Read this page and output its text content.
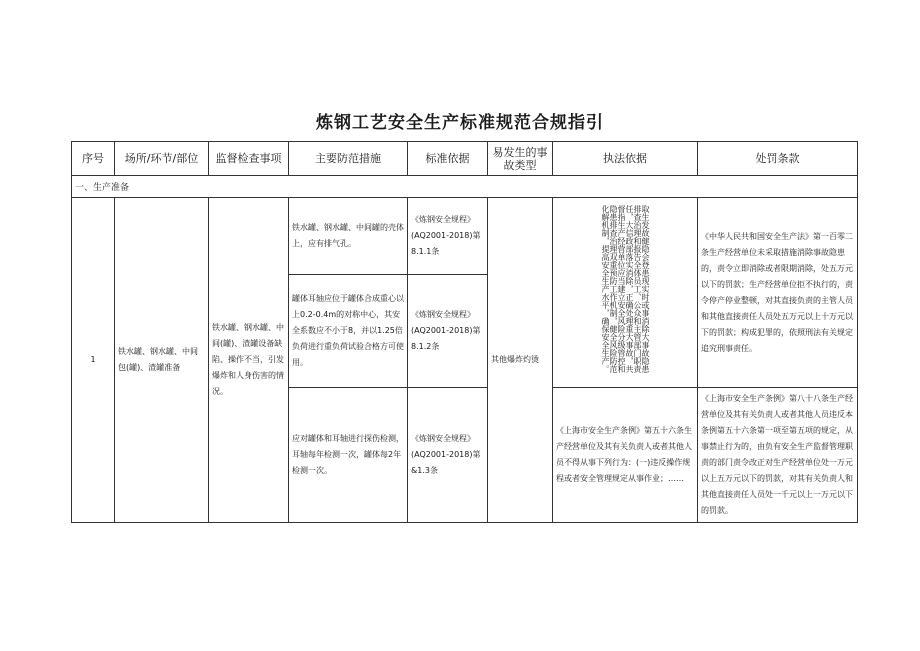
炼钢工艺安全生产标准规范合规指引
序号	场所/环节/部位	监督检查事项	主要防范措施	标准依据	易发生的事故类型	执法依据	处罚条款
一、生产准备							
1	铁水罐、钢水罐、中间包(罐)、渣罐准备	铁水罐、钢水罐、中间(罐)、渣罐设备缺陷、操作不当，引发爆炸和人身伤害的情况。	铁水罐、钢水罐、中间罐的壳体上，应有排气孔。	《炼钢安全规程》(AQ2001-2018)第8.1.1条	其他爆炸灼烫	取生发故健隐会登患现实时或事消除大事故隐患排查治理和报告全体员工、公众和主管部门职责任，大信政部落实消除，正确处理重大事故，共督指生产经营单位应当建立安全风险分级管控和隐患排查治理双重预防工作机制，健全风险防范化解机制，提高安全生产水平，确保安全生产。	《中华人民共和国安全生产法》第一百零二条生产经营单位未采取措施消除事故隐患的，责令立即消除或者限期消除，处五万元以下的罚款；生产经营单位拒不执行的，责令停产停业整顿，对其直接负责的主管人员和其他直接责任人员处五万元以上十万元以下的罚款；构成犯罪的，依照刑法有关规定追究刑事责任。
			罐体耳轴应位于罐体合成重心以上0.2-0.4m的对称中心，其安全系数应不小于8，并以1.25倍负荷进行重负荷试验合格方可使用。	《炼钢安全规程》(AQ2001-2018)第8.1.2条			
			应对罐体和耳轴进行探伤检测，耳轴每年检测一次，罐体每2年检测一次。	《炼钢安全规程》(AQ2001-2018)第&1.3条		《上海市安全生产条例》第五十六条生产经营单位及其有关负责人或者其他人员不得从事下列行为：(一)违反操作规程或者安全管理规定从事作业；……	《上海市安全生产条例》第八十八条生产经营单位及其有关负责人或者其他人员违反本条例第五十六条第一项至第五项的规定，从事禁止行为的，由负有安全生产监督管理职责的部门责令改正对生产经营单位处一万元以上五万元以下的罚款，对其有关负责人和其他直接责任人员处一千元以上一万元以下的罚款。
